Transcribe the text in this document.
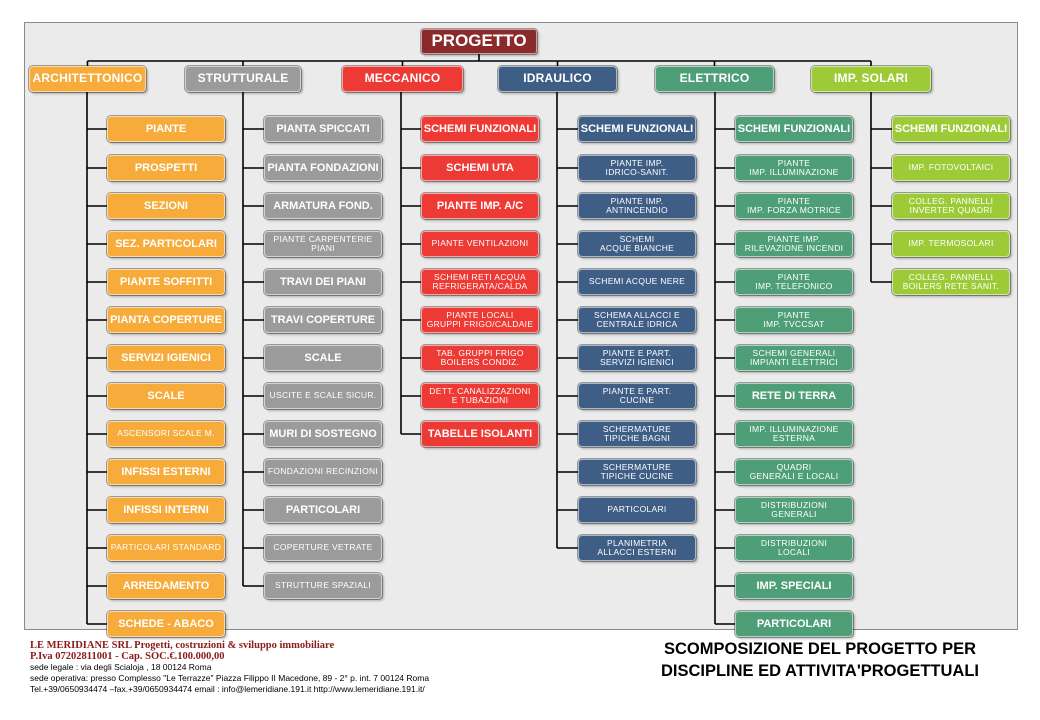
PROGETTO
ARCHITETTONICO
PIANTE
PROSPETTI
SEZIONI
SEZ. PARTICOLARI
PIANTE SOFFITTI
PIANTA COPERTURE
SERVIZI IGIENICI
SCALE
ASCENSORI SCALE M.
INFISSI ESTERNI
INFISSI INTERNI
PARTICOLARI STANDARD
ARREDAMENTO
SCHEDE - ABACO
STRUTTURALE
PIANTA SPICCATI
PIANTA FONDAZIONI
ARMATURA FOND.
PIANTE CARPENTERIE
PIANI
TRAVI DEI PIANI
TRAVI COPERTURE
SCALE
USCITE E SCALE SICUR.
MURI DI SOSTEGNO
FONDAZIONI RECINZIONI
PARTICOLARI
COPERTURE VETRATE
STRUTTURE SPAZIALI
MECCANICO
SCHEMI FUNZIONALI
SCHEMI UTA
PIANTE IMP. A/C
PIANTE VENTILAZIONI
SCHEMI RETI ACQUA
REFRIGERATA/CALDA
PIANTE LOCALI
GRUPPI FRIGO/CALDAIE
TAB. GRUPPI FRIGO
BOILERS CONDIZ.
DETT. CANALIZZAZIONI
E TUBAZIONI
TABELLE ISOLANTI
IDRAULICO
SCHEMI FUNZIONALI
PIANTE IMP.
IDRICO-SANIT.
PIANTE IMP.
ANTINCENDIO
SCHEMI
ACQUE BIANCHE
SCHEMI ACQUE NERE
SCHEMA ALLACCI E
CENTRALE IDRICA
PIANTE E PART.
SERVIZI IGIENICI
PIANTE E PART.
CUCINE
SCHERMATURE
TIPICHE BAGNI
SCHERMATURE
TIPICHE CUCINE
PARTICOLARI
PLANIMETRIA
ALLACCI ESTERNI
ELETTRICO
SCHEMI FUNZIONALI
PIANTE
IMP. ILLUMINAZIONE
PIANTE
IMP. FORZA MOTRICE
PIANTE IMP.
RILEVAZIONE INCENDI
PIANTE
IMP. TELEFONICO
PIANTE
IMP. TVCCSAT
SCHEMI GENERALI
IMPIANTI ELETTRICI
RETE DI TERRA
IMP. ILLUMINAZIONE
ESTERNA
QUADRI
GENERALI E LOCALI
DISTRIBUZIONI
GENERALI
DISTRIBUZIONI
LOCALI
IMP. SPECIALI
PARTICOLARI
IMP. SOLARI
SCHEMI FUNZIONALI
IMP. FOTOVOLTAICI
COLLEG. PANNELLI
INVERTER QUADRI
IMP. TERMOSOLARI
COLLEG. PANNELLI
BOILERS RETE SANIT.
LE MERIDIANE SRL Progetti, costruzioni & sviluppo immobiliare
P.Iva 07202811001 - Cap. SOC.€.100.000,00
sede legale : via degli Scialoja , 18 00124 Roma
sede operativa: presso Complesso "Le Terrazze" Piazza Filippo II Macedone, 89 - 2° p. int. 7 00124 Roma
Tel.+39/0650934474 –fax.+39/0650934474 email : info@lemeridiane.191.it http://www.lemeridiane.191.it/
SCOMPOSIZIONE DEL PROGETTO PER
DISCIPLINE ED ATTIVITA'PROGETTUALI
